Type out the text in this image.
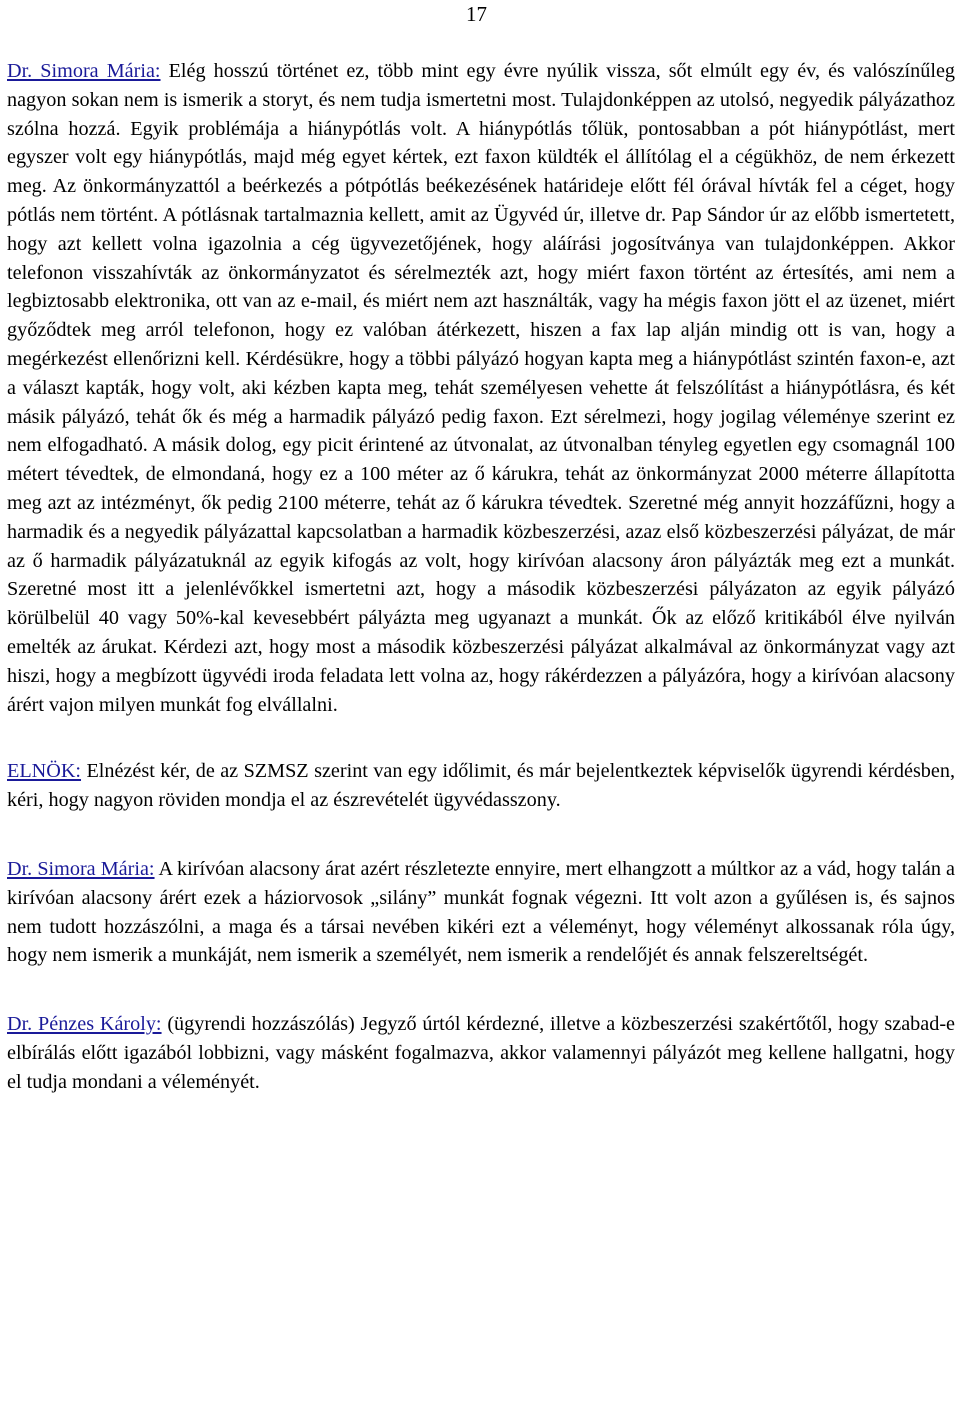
17

Dr. Simora Mária: Elég hosszú történet ez, több mint egy évre nyúlik vissza, sőt elmúlt egy év, és valószínűleg nagyon sokan nem is ismerik a storyt, és nem tudja ismertetni most. Tulajdonképpen az utolsó, negyedik pályázathoz szólna hozzá. Egyik problémája a hiánypótlás volt. A hiánypótlás tőlük, pontosabban a pót hiánypótlást, mert egyszer volt egy hiánypótlás, majd még egyet kértek, ezt faxon küldték el állítólag el a cégükhöz, de nem érkezett meg. Az önkormányzattól a beérkezés a pótpótlás beékezésének határideje előtt fél órával hívták fel a céget, hogy pótlás nem történt. A pótlásnak tartalmaznia kellett, amit az Ügyvéd úr, illetve dr. Pap Sándor úr az előbb ismertetett, hogy azt kellett volna igazolnia a cég ügyvezetőjének, hogy aláírási jogosítványa van tulajdonképpen. Akkor telefonon visszahívták az önkormányzatot és sérelmezték azt, hogy miért faxon történt az értesítés, ami nem a legbiztosabb elektronika, ott van az e-mail, és miért nem azt használták, vagy ha mégis faxon jött el az üzenet, miért győződtek meg arról telefonon, hogy ez valóban átérkezett, hiszen a fax lap alján mindig ott is van, hogy a megérkezést ellenőrizni kell. Kérdésükre, hogy a többi pályázó hogyan kapta meg a hiánypótlást szintén faxon-e, azt a választ kapták, hogy volt, aki kézben kapta meg, tehát személyesen vehette át felszólítást a hiánypótlásra, és két másik pályázó, tehát ők és még a harmadik pályázó pedig faxon. Ezt sérelmezi, hogy jogilag véleménye szerint ez nem elfogadható. A másik dolog, egy picit érintené az útvonalat, az útvonalban tényleg egyetlen egy csomagnál 100 métert tévedtek, de elmondaná, hogy ez a 100 méter az ő kárukra, tehát az önkormányzat 2000 méterre állapította meg azt az intézményt, ők pedig 2100 méterre, tehát az ő kárukra tévedtek. Szeretné még annyit hozzáfűzni, hogy a harmadik és a negyedik pályázattal kapcsolatban a harmadik közbeszerzési, azaz első közbeszerzési pályázat, de már az ő harmadik pályázatuknál az egyik kifogás az volt, hogy kirívóan alacsony áron pályázták meg ezt a munkát. Szeretné most itt a jelenlévőkkel ismertetni azt, hogy a második közbeszerzési pályázaton az egyik pályázó körülbelül 40 vagy 50%-kal kevesebbért pályázta meg ugyanazt a munkát. Ők az előző kritikából élve nyilván emelték az árukat. Kérdezi azt, hogy most a második közbeszerzési pályázat alkalmával az önkormányzat vagy azt hiszi, hogy a megbízott ügyvédi iroda feladata lett volna az, hogy rákérdezzen a pályázóra, hogy a kirívóan alacsony árért vajon milyen munkát fog elvállalni.

ELNÖK: Elnézést kér, de az SZMSZ szerint van egy időlimit, és már bejelentkeztek képviselők ügyrendi kérdésben, kéri, hogy nagyon röviden mondja el az észrevételét ügyvédasszony.

Dr. Simora Mária: A kirívóan alacsony árat azért részletezte ennyire, mert elhangzott a múltkor az a vád, hogy talán a kirívóan alacsony árért ezek a háziorvosok „silány” munkát fognak végezni. Itt volt azon a gyűlésen is, és sajnos nem tudott hozzászólni, a maga és a társai nevében kikéri ezt a véleményt, hogy véleményt alkossanak róla úgy, hogy nem ismerik a munkáját, nem ismerik a személyét, nem ismerik a rendelőjét és annak felszereltségét.

Dr. Pénzes Károly: (ügyrendi hozzászólás) Jegyző úrtól kérdezné, illetve a közbeszerzési szakértőtől, hogy szabad-e elbírálás előtt igazából lobbizni, vagy másként fogalmazva, akkor valamennyi pályázót meg kellene hallgatni, hogy el tudja mondani a véleményét.
